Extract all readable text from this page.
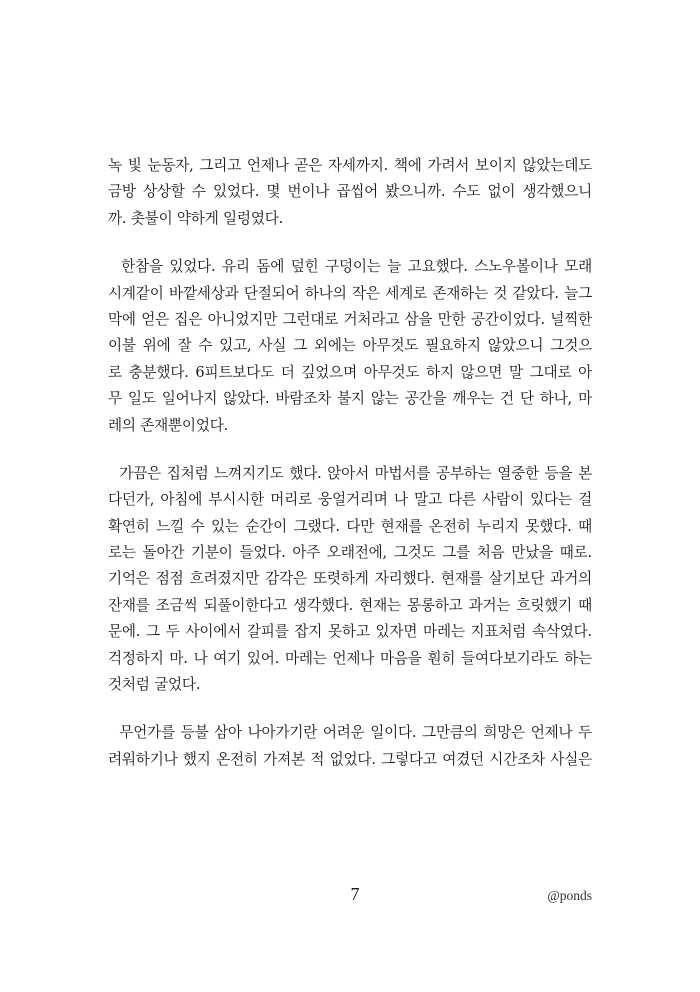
녹 빛 눈동자, 그리고 언제나 곧은 자세까지. 책에 가려서 보이지 않았는데도
금방 상상할 수 있었다. 몇 번이나 곱씹어 봤으니까. 수도 없이 생각했으니
까. 촛불이 약하게 일렁였다.
한참을 있었다. 유리 돔에 덮힌 구덩이는 늘 고요했다. 스노우볼이나 모래
시계같이 바깥세상과 단절되어 하나의 작은 세계로 존재하는 것 같았다. 늘그
막에 얻은 집은 아니었지만 그런대로 거처라고 삼을 만한 공간이었다. 널찍한
이불 위에 잘 수 있고, 사실 그 외에는 아무것도 필요하지 않았으니 그것으
로 충분했다. 6피트보다도 더 깊었으며 아무것도 하지 않으면 말 그대로 아
무 일도 일어나지 않았다. 바람조차 불지 않는 공간을 깨우는 건 단 하나, 마
레의 존재뿐이었다.
가끔은 집처럼 느껴지기도 했다. 앉아서 마법서를 공부하는 열중한 등을 본
다던가, 아침에 부시시한 머리로 웅얼거리며 나 말고 다른 사람이 있다는 걸
확연히 느낄 수 있는 순간이 그랬다. 다만 현재를 온전히 누리지 못했다. 때
로는 돌아간 기분이 들었다. 아주 오래전에, 그것도 그를 처음 만났을 때로.
기억은 점점 흐려졌지만 감각은 또렷하게 자리했다. 현재를 살기보단 과거의
잔재를 조금씩 되풀이한다고 생각했다. 현재는 몽롱하고 과거는 흐릿했기 때
문에. 그 두 사이에서 갈피를 잡지 못하고 있자면 마레는 지표처럼 속삭였다.
걱정하지 마. 나 여기 있어. 마레는 언제나 마음을 훤히 들여다보기라도 하는
것처럼 굴었다.
무언가를 등불 삼아 나아가기란 어려운 일이다. 그만큼의 희망은 언제나 두
려워하기나 했지 온전히 가져본 적 없었다. 그렇다고 여겼던 시간조차 사실은
7	@ponds
